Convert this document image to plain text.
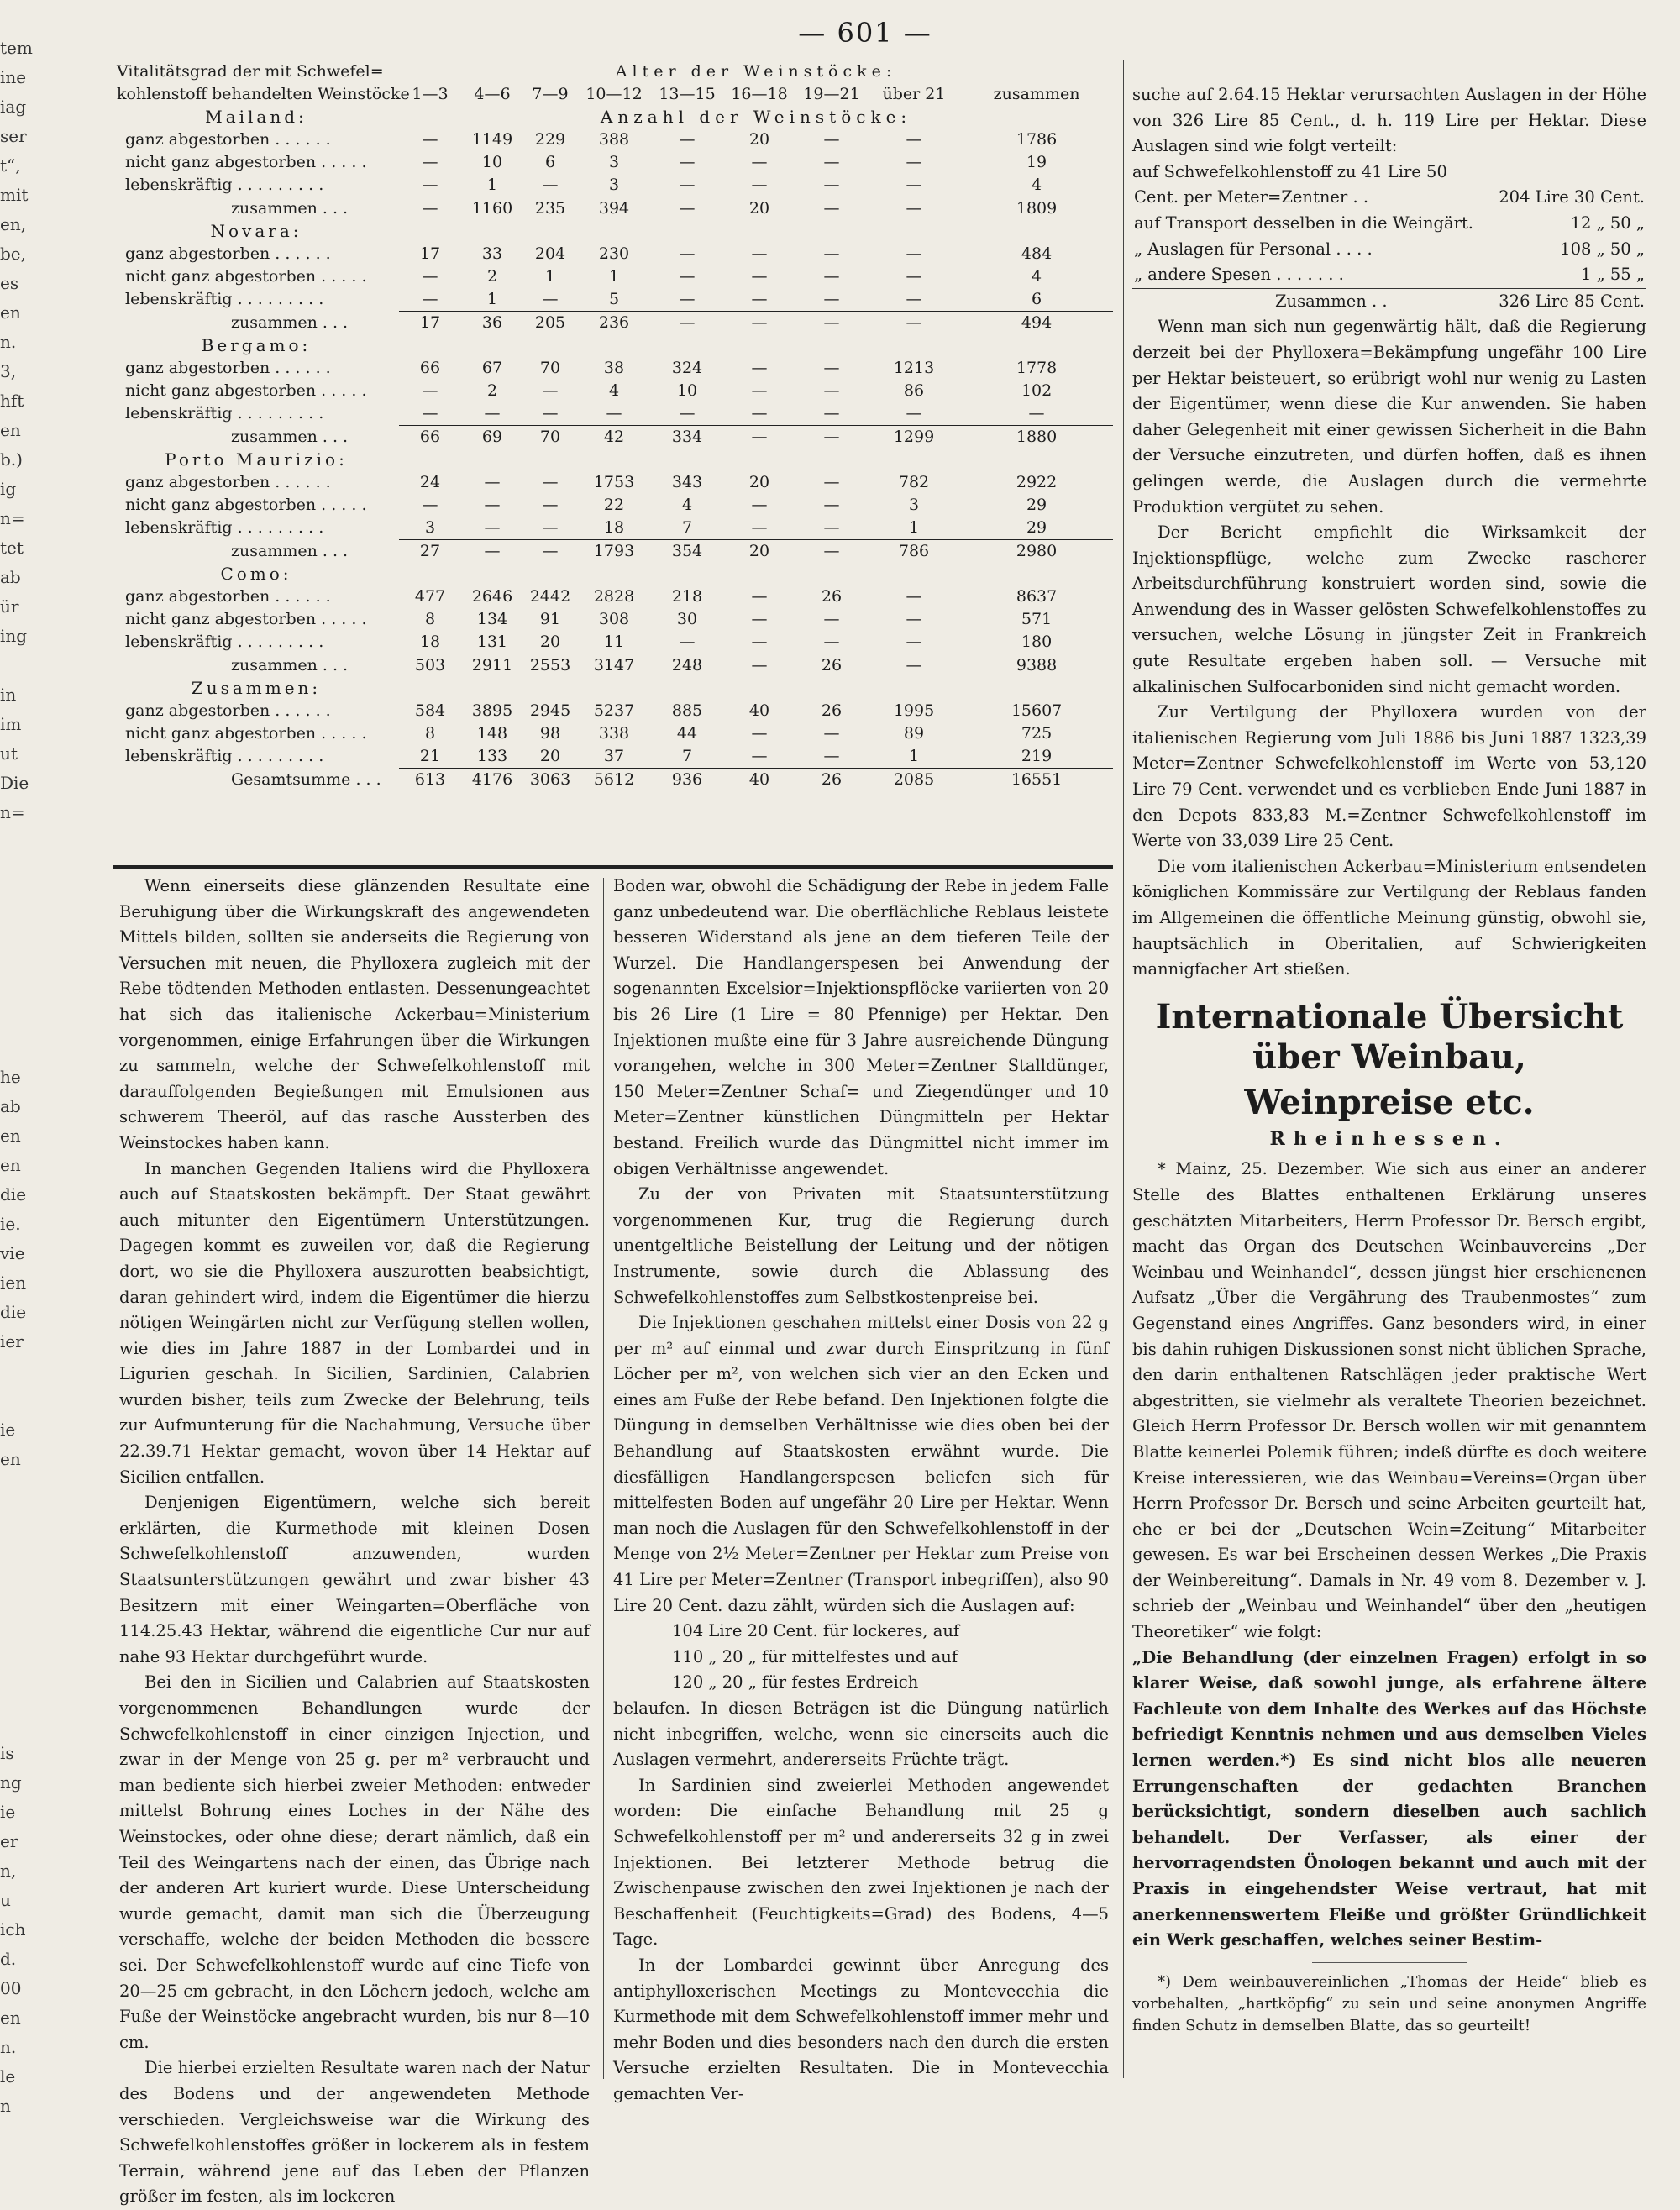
— 601 —
tem
ine
iag
ser
t“,
mit
en,
be,
es
en
n.
3,
hft
en
b.)
ig
n=
tet
ab
ür
ing
in
im
ut
Die
n=
he
ab
en
en
die
ie.
vie
ien
die
ier
ie
en
is
ng
ie
er
n,
u
ich
d.
00
en
n.
le
n
Vitalitätsgrad der mit Schwefel=	Alter der Weinstöcke:								
kohlenstoff behandelten Weinstöcke	1—3	4—6	7—9	10—12	13—15	16—18	19—21	über 21	zusammen
Mailand:	Anzahl der Weinstöcke:								
ganz abgestorben . . . . . .	—	1149	229	388	—	20	—	—	1786
nicht ganz abgestorben . . . . .	—	10	6	3	—	—	—	—	19
lebenskräftig . . . . . . . . .	—	1	—	3	—	—	—	—	4
zusammen . . .	—	1160	235	394	—	20	—	—	1809
Novara:									
ganz abgestorben . . . . . .	17	33	204	230	—	—	—	—	484
nicht ganz abgestorben . . . . .	—	2	1	1	—	—	—	—	4
lebenskräftig . . . . . . . . .	—	1	—	5	—	—	—	—	6
zusammen . . .	17	36	205	236	—	—	—	—	494
Bergamo:									
ganz abgestorben . . . . . .	66	67	70	38	324	—	—	1213	1778
nicht ganz abgestorben . . . . .	—	2	—	4	10	—	—	86	102
lebenskräftig . . . . . . . . .	—	—	—	—	—	—	—	—	—
zusammen . . .	66	69	70	42	334	—	—	1299	1880
Porto Maurizio:									
ganz abgestorben . . . . . .	24	—	—	1753	343	20	—	782	2922
nicht ganz abgestorben . . . . .	—	—	—	22	4	—	—	3	29
lebenskräftig . . . . . . . . .	3	—	—	18	7	—	—	1	29
zusammen . . .	27	—	—	1793	354	20	—	786	2980
Como:									
ganz abgestorben . . . . . .	477	2646	2442	2828	218	—	26	—	8637
nicht ganz abgestorben . . . . .	8	134	91	308	30	—	—	—	571
lebenskräftig . . . . . . . . .	18	131	20	11	—	—	—	—	180
zusammen . . .	503	2911	2553	3147	248	—	26	—	9388
Zusammen:									
ganz abgestorben . . . . . .	584	3895	2945	5237	885	40	26	1995	15607
nicht ganz abgestorben . . . . .	8	148	98	338	44	—	—	89	725
lebenskräftig . . . . . . . . .	21	133	20	37	7	—	—	1	219
Gesamtsumme . . .	613	4176	3063	5612	936	40	26	2085	16551

Wenn einerseits diese glänzenden Resultate eine Beruhigung über die Wirkungskraft des angewendeten Mittels bilden, sollten sie anderseits die Regierung von Versuchen mit neuen, die Phylloxera zugleich mit der Rebe tödtenden Methoden entlasten. Dessenungeachtet hat sich das italienische Ackerbau=Ministerium vorgenommen, einige Erfahrungen über die Wirkungen zu sammeln, welche der Schwefelkohlenstoff mit darauffolgenden Begießungen mit Emulsionen aus schwerem Theeröl, auf das rasche Aussterben des Weinstockes haben kann.

In manchen Gegenden Italiens wird die Phylloxera auch auf Staatskosten bekämpft. Der Staat gewährt auch mitunter den Eigentümern Unterstützungen. Dagegen kommt es zuweilen vor, daß die Regierung dort, wo sie die Phylloxera auszurotten beabsichtigt, daran gehindert wird, indem die Eigentümer die hierzu nötigen Weingärten nicht zur Verfügung stellen wollen, wie dies im Jahre 1887 in der Lombardei und in Ligurien geschah. In Sicilien, Sardinien, Calabrien wurden bisher, teils zum Zwecke der Belehrung, teils zur Aufmunterung für die Nachahmung, Versuche über 22.39.71 Hektar gemacht, wovon über 14 Hektar auf Sicilien entfallen.

Denjenigen Eigentümern, welche sich bereit erklärten, die Kurmethode mit kleinen Dosen Schwefelkohlenstoff anzuwenden, wurden Staatsunterstützungen gewährt und zwar bisher 43 Besitzern mit einer Weingarten=Oberfläche von 114.25.43 Hektar, während die eigentliche Cur nur auf nahe 93 Hektar durchgeführt wurde.

Bei den in Sicilien und Calabrien auf Staatskosten vorgenommenen Behandlungen wurde der Schwefelkohlenstoff in einer einzigen Injection, und zwar in der Menge von 25 g. per m² verbraucht und man bediente sich hierbei zweier Methoden: entweder mittelst Bohrung eines Loches in der Nähe des Weinstockes, oder ohne diese; derart nämlich, daß ein Teil des Weingartens nach der einen, das Übrige nach der anderen Art kuriert wurde. Diese Unterscheidung wurde gemacht, damit man sich die Überzeugung verschaffe, welche der beiden Methoden die bessere sei. Der Schwefelkohlenstoff wurde auf eine Tiefe von 20—25 cm gebracht, in den Löchern jedoch, welche am Fuße der Weinstöcke angebracht wurden, bis nur 8—10 cm.

Die hierbei erzielten Resultate waren nach der Natur des Bodens und der angewendeten Methode verschieden. Vergleichsweise war die Wirkung des Schwefelkohlenstoffes größer in lockerem als in festem Terrain, während jene auf das Leben der Pflanzen größer im festen, als im lockeren

Boden war, obwohl die Schädigung der Rebe in jedem Falle ganz unbedeutend war. Die oberflächliche Reblaus leistete besseren Widerstand als jene an dem tieferen Teile der Wurzel. Die Handlangerspesen bei Anwendung der sogenannten Excelsior=Injektionspflöcke variierten von 20 bis 26 Lire (1 Lire = 80 Pfennige) per Hektar. Den Injektionen mußte eine für 3 Jahre ausreichende Düngung vorangehen, welche in 300 Meter=Zentner Stalldünger, 150 Meter=Zentner Schaf= und Ziegendünger und 10 Meter=Zentner künstlichen Düngmitteln per Hektar bestand. Freilich wurde das Düngmittel nicht immer im obigen Verhältnisse angewendet.

Zu der von Privaten mit Staatsunterstützung vorgenommenen Kur, trug die Regierung durch unentgeltliche Beistellung der Leitung und der nötigen Instrumente, sowie durch die Ablassung des Schwefelkohlenstoffes zum Selbstkostenpreise bei.

Die Injektionen geschahen mittelst einer Dosis von 22 g per m² auf einmal und zwar durch Einspritzung in fünf Löcher per m², von welchen sich vier an den Ecken und eines am Fuße der Rebe befand. Den Injektionen folgte die Düngung in demselben Verhältnisse wie dies oben bei der Behandlung auf Staatskosten erwähnt wurde. Die diesfälligen Handlangerspesen beliefen sich für mittelfesten Boden auf ungefähr 20 Lire per Hektar. Wenn man noch die Auslagen für den Schwefelkohlenstoff in der Menge von 2½ Meter=Zentner per Hektar zum Preise von 41 Lire per Meter=Zentner (Transport inbegriffen), also 90 Lire 20 Cent. dazu zählt, würden sich die Auslagen auf:

104 Lire 20 Cent. für lockeres, auf
110 „ 20 „ für mittelfestes und auf
120 „ 20 „ für festes Erdreich

belaufen. In diesen Beträgen ist die Düngung natürlich nicht inbegriffen, welche, wenn sie einerseits auch die Auslagen vermehrt, andererseits Früchte trägt.

In Sardinien sind zweierlei Methoden angewendet worden: Die einfache Behandlung mit 25 g Schwefelkohlenstoff per m² und andererseits 32 g in zwei Injektionen. Bei letzterer Methode betrug die Zwischenpause zwischen den zwei Injektionen je nach der Beschaffenheit (Feuchtigkeits=Grad) des Bodens, 4—5 Tage.

In der Lombardei gewinnt über Anregung des antiphylloxerischen Meetings zu Montevecchia die Kurmethode mit dem Schwefelkohlenstoff immer mehr und mehr Boden und dies besonders nach den durch die ersten Versuche erzielten Resultaten. Die in Montevecchia gemachten Ver-

suche auf 2.64.15 Hektar verursachten Auslagen in der Höhe von 326 Lire 85 Cent., d. h. 119 Lire per Hektar. Diese Auslagen sind wie folgt verteilt:

auf Schwefelkohlenstoff zu 41 Lire 50
Cent. per Meter=Zentner . .	204 Lire 30 Cent.
auf Transport desselben in die Weingärt.	12 „ 50 „
„ Auslagen für Personal . . . .	108 „ 50 „
„ andere Spesen . . . . . . .	1 „ 55 „
Zusammen . .	326 Lire 85 Cent.

Wenn man sich nun gegenwärtig hält, daß die Regierung derzeit bei der Phylloxera=Bekämpfung ungefähr 100 Lire per Hektar beisteuert, so erübrigt wohl nur wenig zu Lasten der Eigentümer, wenn diese die Kur anwenden. Sie haben daher Gelegenheit mit einer gewissen Sicherheit in die Bahn der Versuche einzutreten, und dürfen hoffen, daß es ihnen gelingen werde, die Auslagen durch die vermehrte Produktion vergütet zu sehen.

Der Bericht empfiehlt die Wirksamkeit der Injektionspflüge, welche zum Zwecke rascherer Arbeitsdurchführung konstruiert worden sind, sowie die Anwendung des in Wasser gelösten Schwefelkohlenstoffes zu versuchen, welche Lösung in jüngster Zeit in Frankreich gute Resultate ergeben haben soll. — Versuche mit alkalinischen Sulfocarboniden sind nicht gemacht worden.

Zur Vertilgung der Phylloxera wurden von der italienischen Regierung vom Juli 1886 bis Juni 1887 1323,39 Meter=Zentner Schwefelkohlenstoff im Werte von 53,120 Lire 79 Cent. verwendet und es verblieben Ende Juni 1887 in den Depots 833,83 M.=Zentner Schwefelkohlenstoff im Werte von 33,039 Lire 25 Cent.

Die vom italienischen Ackerbau=Ministerium entsendeten königlichen Kommissäre zur Vertilgung der Reblaus fanden im Allgemeinen die öffentliche Meinung günstig, obwohl sie, hauptsächlich in Oberitalien, auf Schwierigkeiten mannigfacher Art stießen.

Internationale Übersicht über Weinbau,
Weinpreise etc.
Rheinhessen.

* Mainz, 25. Dezember. Wie sich aus einer an anderer Stelle des Blattes enthaltenen Erklärung unseres geschätzten Mitarbeiters, Herrn Professor Dr. Bersch ergibt, macht das Organ des Deutschen Weinbauvereins „Der Weinbau und Weinhandel“, dessen jüngst hier erschienenen Aufsatz „Über die Vergährung des Traubenmostes“ zum Gegenstand eines Angriffes. Ganz besonders wird, in einer bis dahin ruhigen Diskussionen sonst nicht üblichen Sprache, den darin enthaltenen Ratschlägen jeder praktische Wert abgestritten, sie vielmehr als veraltete Theorien bezeichnet. Gleich Herrn Professor Dr. Bersch wollen wir mit genanntem Blatte keinerlei Polemik führen; indeß dürfte es doch weitere Kreise interessieren, wie das Weinbau=Vereins=Organ über Herrn Professor Dr. Bersch und seine Arbeiten geurteilt hat, ehe er bei der „Deutschen Wein=Zeitung“ Mitarbeiter gewesen. Es war bei Erscheinen dessen Werkes „Die Praxis der Weinbereitung“. Damals in Nr. 49 vom 8. Dezember v. J. schrieb der „Weinbau und Weinhandel“ über den „heutigen Theoretiker“ wie folgt:

„Die Behandlung (der einzelnen Fragen) erfolgt in so klarer Weise, daß sowohl junge, als erfahrene ältere Fachleute von dem Inhalte des Werkes auf das Höchste befriedigt Kenntnis nehmen und aus demselben Vieles lernen werden.*) Es sind nicht blos alle neueren Errungenschaften der gedachten Branchen berücksichtigt, sondern dieselben auch sachlich behandelt. Der Verfasser, als einer der hervorragendsten Önologen bekannt und auch mit der Praxis in eingehendster Weise vertraut, hat mit anerkennenswertem Fleiße und größter Gründlichkeit ein Werk geschaffen, welches seiner Bestim-

*) Dem weinbauvereinlichen „Thomas der Heide“ blieb es vorbehalten, „hartköpfig“ zu sein und seine anonymen Angriffe finden Schutz in demselben Blatte, das so geurteilt!
